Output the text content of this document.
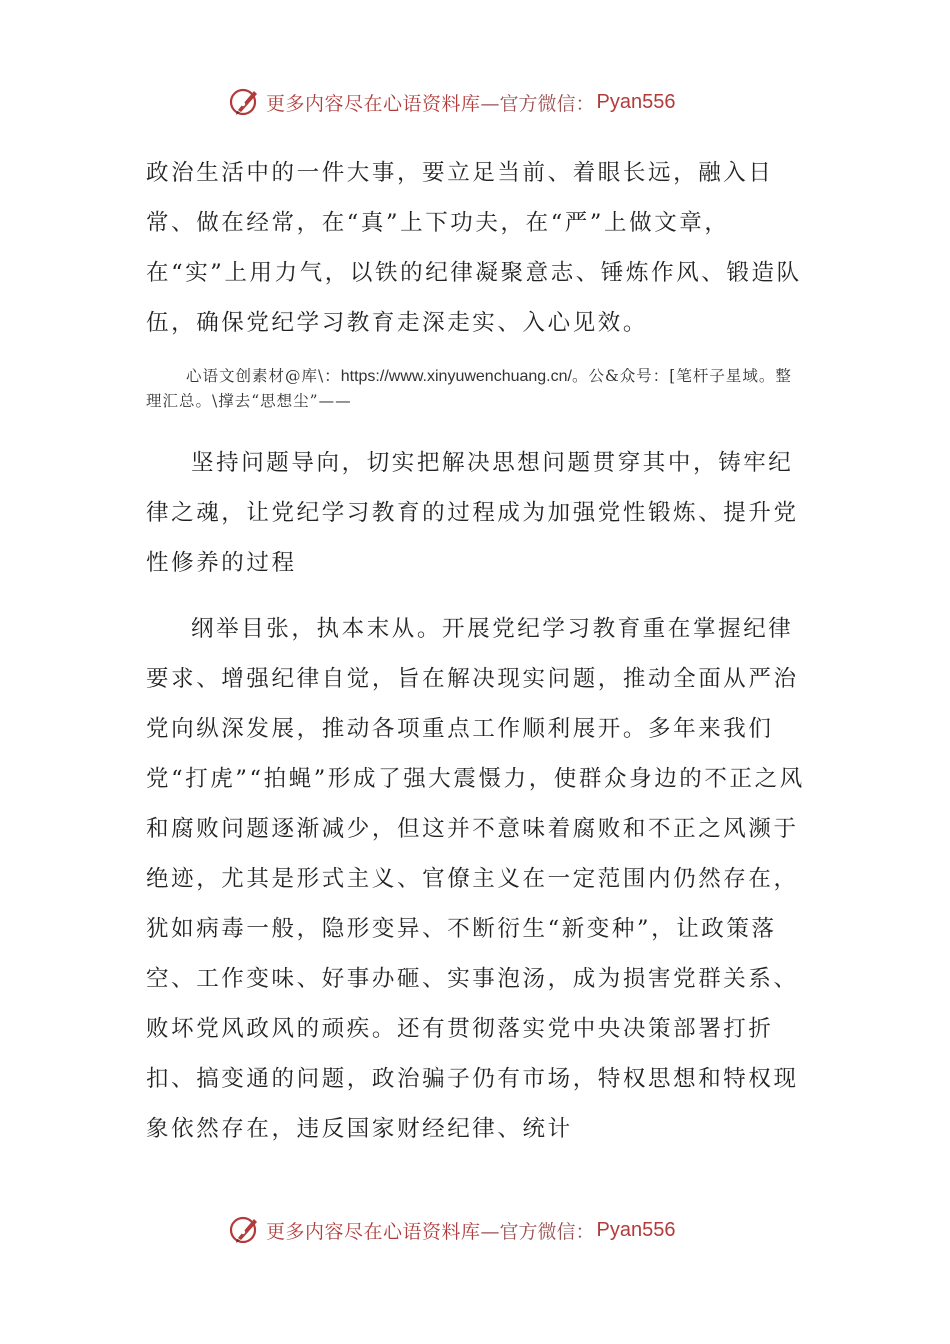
更多内容尽在心语资料库 —官方微信： Pyan556

政治生活中的一件大事，要立足当前、着眼长远，融入日常、做在经常，在“真”上下功夫，在“严”上做文章，在“实”上用力气，以铁的纪律凝聚意志、锤炼作风、锻造队伍，确保党纪学习教育走深走实、入心见效。

心语文创素材@库\：https://www.xinyuwenchuang.cn/。公&众号：[笔杆子星域。整理汇总。\撑去“思想尘”——

坚持问题导向，切实把解决思想问题贯穿其中，铸牢纪律之魂，让党纪学习教育的过程成为加强党性锻炼、提升党性修养的过程

纲举目张，执本末从。开展党纪学习教育重在掌握纪律要求、增强纪律自觉，旨在解决现实问题，推动全面从严治党向纵深发展，推动各项重点工作顺利展开。多年来我们党“打虎”“拍蝇”形成了强大震慑力，使群众身边的不正之风和腐败问题逐渐减少，但这并不意味着腐败和不正之风濒于绝迹，尤其是形式主义、官僚主义在一定范围内仍然存在，犹如病毒一般，隐形变异、不断衍生“新变种”，让政策落空、工作变味、好事办砸、实事泡汤，成为损害党群关系、败坏党风政风的顽疾。还有贯彻落实党中央决策部署打折扣、搞变通的问题，政治骗子仍有市场，特权思想和特权现象依然存在，违反国家财经纪律、统计

更多内容尽在心语资料库 —官方微信： Pyan556
